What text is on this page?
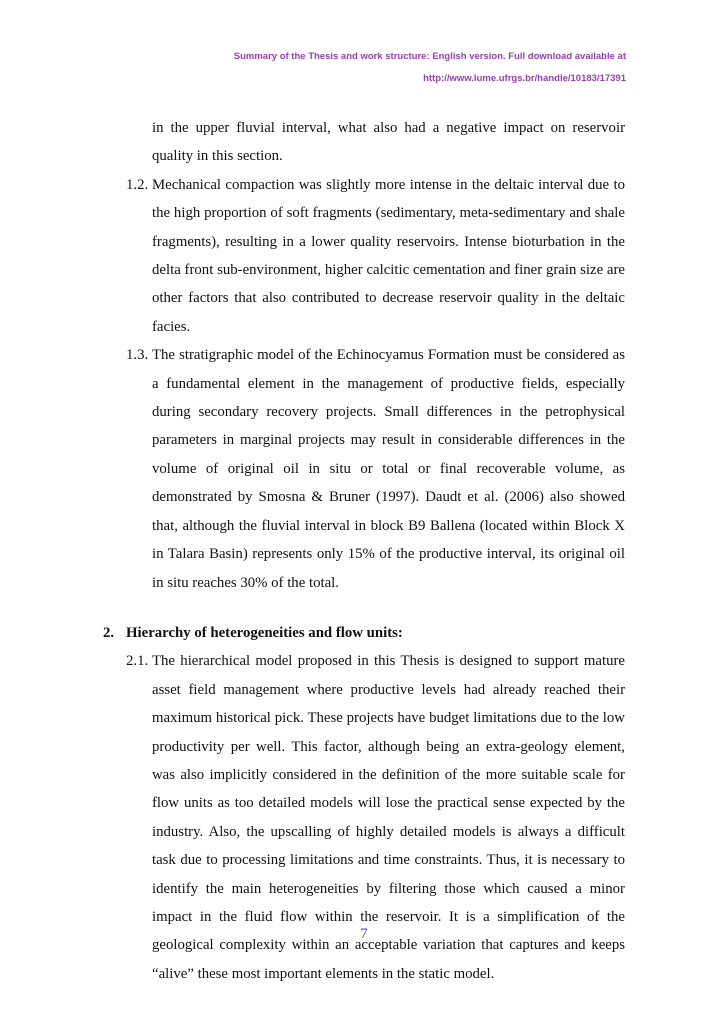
Summary of the Thesis and work structure: English version. Full download available at
http://www.lume.ufrgs.br/handle/10183/17391

in the upper fluvial interval, what also had a negative impact on reservoir quality in this section.

1.2. Mechanical compaction was slightly more intense in the deltaic interval due to the high proportion of soft fragments (sedimentary, meta-sedimentary and shale fragments), resulting in a lower quality reservoirs. Intense bioturbation in the delta front sub-environment, higher calcitic cementation and finer grain size are other factors that also contributed to decrease reservoir quality in the deltaic facies.

1.3. The stratigraphic model of the Echinocyamus Formation must be considered as a fundamental element in the management of productive fields, especially during secondary recovery projects. Small differences in the petrophysical parameters in marginal projects may result in considerable differences in the volume of original oil in situ or total or final recoverable volume, as demonstrated by Smosna & Bruner (1997). Daudt et al. (2006) also showed that, although the fluvial interval in block B9 Ballena (located within Block X in Talara Basin) represents only 15% of the productive interval, its original oil in situ reaches 30% of the total.

2. Hierarchy of heterogeneities and flow units:

2.1. The hierarchical model proposed in this Thesis is designed to support mature asset field management where productive levels had already reached their maximum historical pick. These projects have budget limitations due to the low productivity per well. This factor, although being an extra-geology element, was also implicitly considered in the definition of the more suitable scale for flow units as too detailed models will lose the practical sense expected by the industry. Also, the upscalling of highly detailed models is always a difficult task due to processing limitations and time constraints. Thus, it is necessary to identify the main heterogeneities by filtering those which caused a minor impact in the fluid flow within the reservoir. It is a simplification of the geological complexity within an acceptable variation that captures and keeps “alive” these most important elements in the static model.

7
